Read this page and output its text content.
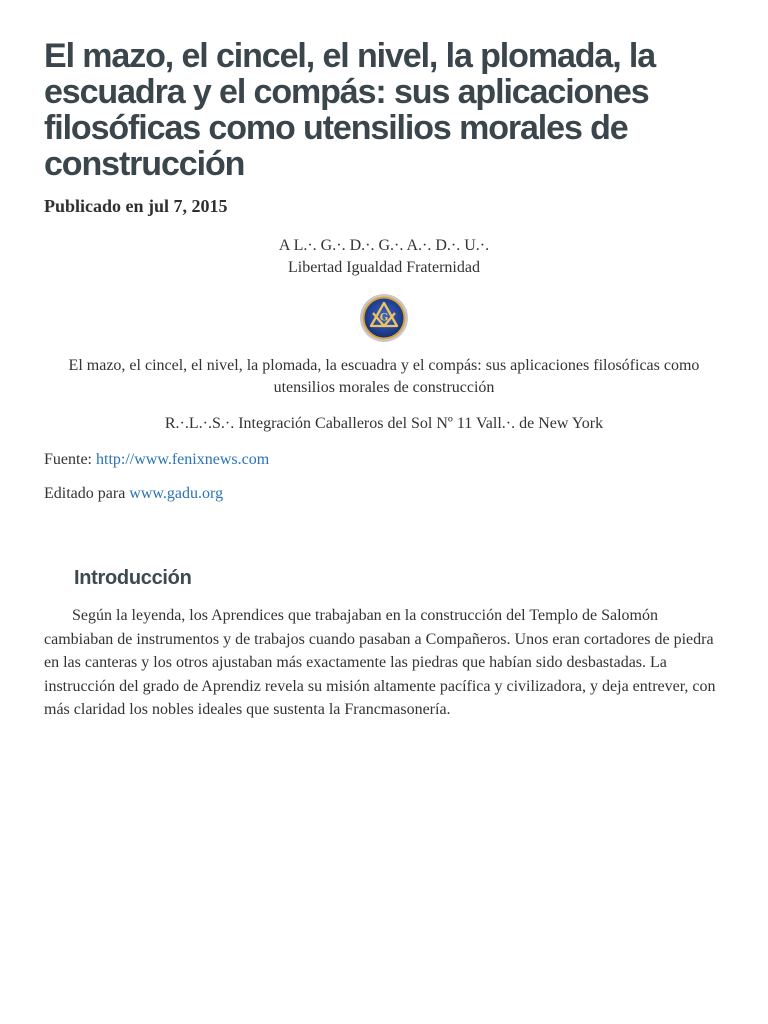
El mazo, el cincel, el nivel, la plomada, la escuadra y el compás: sus aplicaciones filosóficas como utensilios morales de construcción
Publicado en jul 7, 2015
A L.·. G.·. D.·. G.·. A.·. D.·. U.·.
Libertad Igualdad Fraternidad
G
El mazo, el cincel, el nivel, la plomada, la escuadra y el compás: sus aplicaciones filosóficas como utensilios morales de construcción
R.·.L.·.S.·. Integración Caballeros del Sol Nº 11 Vall.·. de New York
Fuente: http://www.fenixnews.com
Editado para www.gadu.org
Introducción

Según la leyenda, los Aprendices que trabajaban en la construcción del Templo de Salomón cambiaban de instrumentos y de trabajos cuando pasaban a Compañeros. Unos eran cortadores de piedra en las canteras y los otros ajustaban más exactamente las piedras que habían sido desbastadas. La instrucción del grado de Aprendiz revela su misión altamente pacífica y civilizadora, y deja entrever, con más claridad los nobles ideales que sustenta la Francmasonería.
